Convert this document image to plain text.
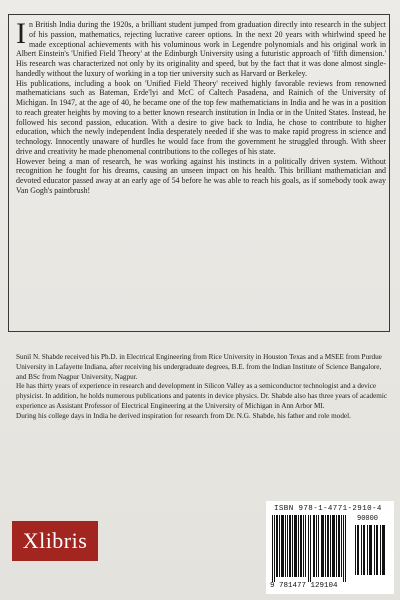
In British India during the 1920s, a brilliant student jumped from graduation directly into research in the subject of his passion, mathematics, rejecting lucrative career options. In the next 20 years with whirlwind speed he made exceptional achievements with his voluminous work in Legendre polynomials and his original work in Albert Einstein's 'Unified Field Theory' at the Edinburgh University using a futuristic approach of 'fifth dimension.' His research was characterized not only by its originality and speed, but by the fact that it was done almost single-handedly without the luxury of working in a top tier university such as Harvard or Berkeley.

His publications, including a book on 'Unified Field Theory' received highly favorable reviews from renowned mathematicians such as Bateman, Erde'lyi and McC of Caltech Pasadena, and Rainich of the University of Michigan. In 1947, at the age of 40, he became one of the top few mathematicians in India and he was in a position to reach greater heights by moving to a better known research institution in India or in the United States. Instead, he followed his second passion, education. With a desire to give back to India, he chose to contribute to higher education, which the newly independent India desperately needed if she was to make rapid progress in science and technology. Innocently unaware of hurdles he would face from the government he struggled through. With sheer drive and creativity he made phenomenal contributions to the colleges of his state.

However being a man of research, he was working against his instincts in a politically driven system. Without recognition he fought for his dreams, causing an unseen impact on his health. This brilliant mathematician and devoted educator passed away at an early age of 54 before he was able to reach his goals, as if somebody took away Van Gogh's paintbrush!

Sunil N. Shabde received his Ph.D. in Electrical Engineering from Rice University in Houston Texas and a MSEE from Purdue University in Lafayette Indiana, after receiving his undergraduate degrees, B.E. from the Indian Institute of Science Bangalore, and BSc from Nagpur University, Nagpur.

He has thirty years of experience in research and development in Silicon Valley as a semiconductor technologist and a device physicist. In addition, he holds numerous publications and patents in device physics. Dr. Shabde also has three years of academic experience as Assistant Professor of Electrical Engineering at the University of Michigan in Ann Arbor MI.

During his college days in India he derived inspiration for research from Dr. N.G. Shabde, his father and role model.

Xlibris
ISBN 978-1-4771-2910-4
90000
9 781477 129104
